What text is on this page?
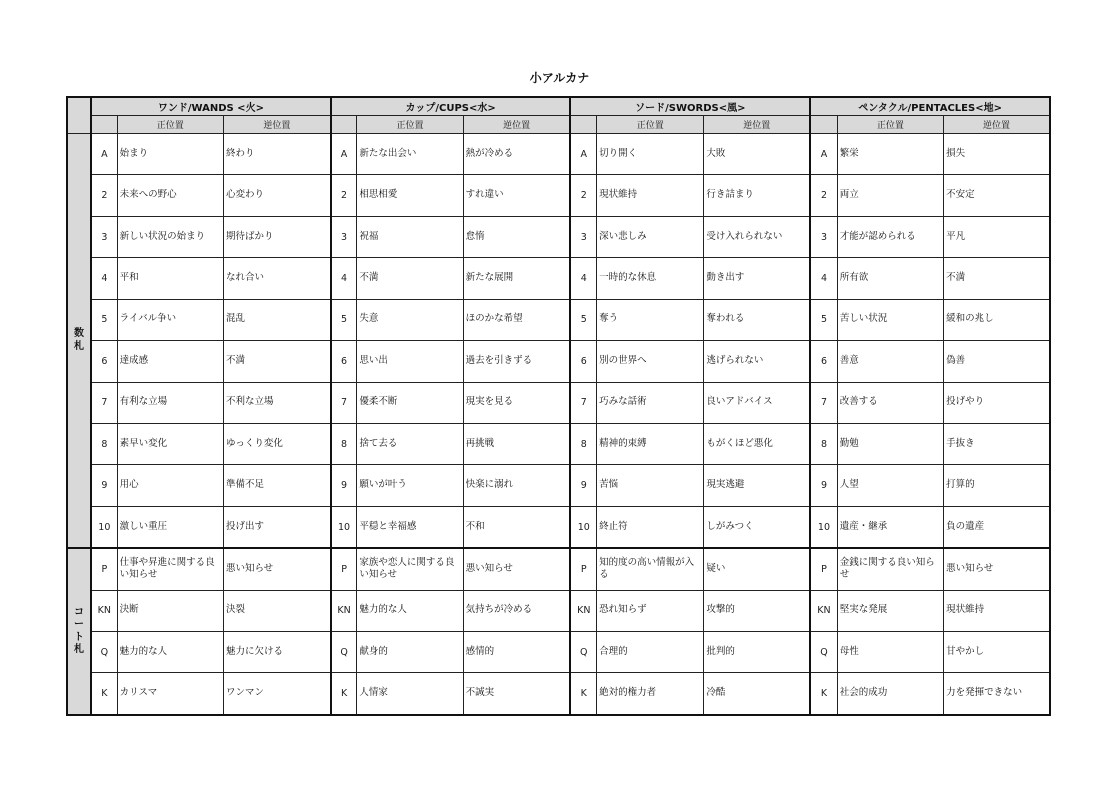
小アルカナ
	ワンド/WANDS <火>			カップ/CUPS<水>			ソード/SWORDS<風>			ペンタクル/PENTACLES<地>		
		正位置	逆位置		正位置	逆位置		正位置	逆位置		正位置	逆位置
数
札	A	始まり	終わり	A	新たな出会い	熱が冷める	A	切り開く	大敗	A	繁栄	損失
	2	未来への野心	心変わり	2	相思相愛	すれ違い	2	現状維持	行き詰まり	2	両立	不安定
	3	新しい状況の始まり	期待ばかり	3	祝福	怠惰	3	深い悲しみ	受け入れられない	3	才能が認められる	平凡
	4	平和	なれ合い	4	不満	新たな展開	4	一時的な休息	動き出す	4	所有欲	不満
	5	ライバル争い	混乱	5	失意	ほのかな希望	5	奪う	奪われる	5	苦しい状況	緩和の兆し
	6	達成感	不満	6	思い出	過去を引きずる	6	別の世界へ	逃げられない	6	善意	偽善
	7	有利な立場	不利な立場	7	優柔不断	現実を見る	7	巧みな話術	良いアドバイス	7	改善する	投げやり
	8	素早い変化	ゆっくり変化	8	捨て去る	再挑戦	8	精神的束縛	もがくほど悪化	8	勤勉	手抜き
	9	用心	準備不足	9	願いが叶う	快楽に溺れ	9	苦悩	現実逃避	9	人望	打算的
	10	激しい重圧	投げ出す	10	平穏と幸福感	不和	10	終止符	しがみつく	10	遺産・継承	負の遺産
コ
ー
ト
札	P	仕事や昇進に関する良い知らせ	悪い知らせ	P	家族や恋人に関する良い知らせ	悪い知らせ	P	知的度の高い情報が入る	疑い	P	金銭に関する良い知らせ	悪い知らせ
	KN	決断	決裂	KN	魅力的な人	気持ちが冷める	KN	恐れ知らず	攻撃的	KN	堅実な発展	現状維持
	Q	魅力的な人	魅力に欠ける	Q	献身的	感情的	Q	合理的	批判的	Q	母性	甘やかし
	K	カリスマ	ワンマン	K	人情家	不誠実	K	絶対的権力者	冷酷	K	社会的成功	力を発揮できない
